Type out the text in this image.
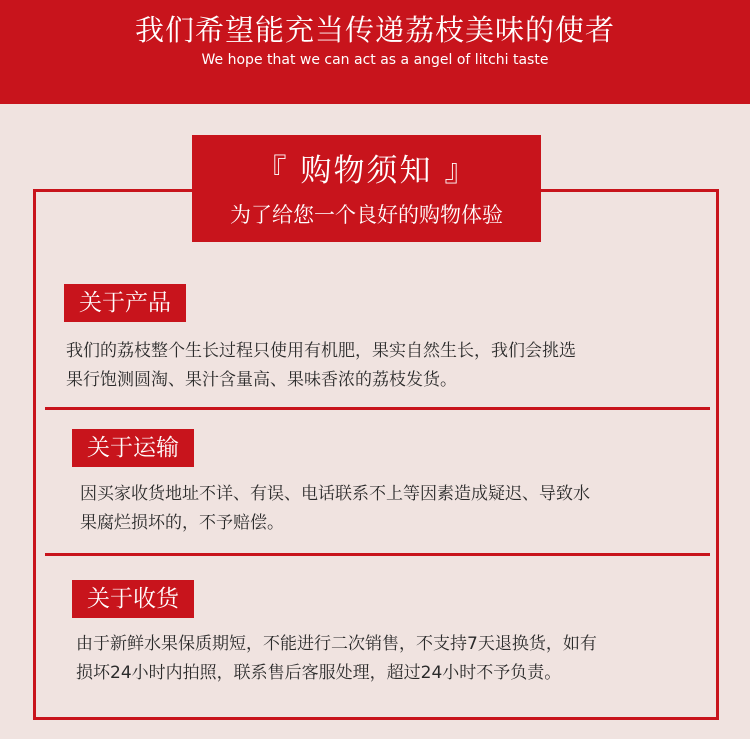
我们希望能充当传递荔枝美味的使者
We hope that we can act as a angel of litchi taste
『 购物须知 』
为了给您一个良好的购物体验
关于产品
我们的荔枝整个生长过程只使用有机肥，果实自然生长，我们会挑选
果行饱测圆淘、果汁含量高、果味香浓的荔枝发货。
关于运输
因买家收货地址不详、有误、电话联系不上等因素造成疑迟、导致水
果腐烂损坏的，不予赔偿。
关于收货
由于新鲜水果保质期短，不能进行二次销售，不支持7天退换货，如有
损坏24小时内拍照，联系售后客服处理，超过24小时不予负责。
